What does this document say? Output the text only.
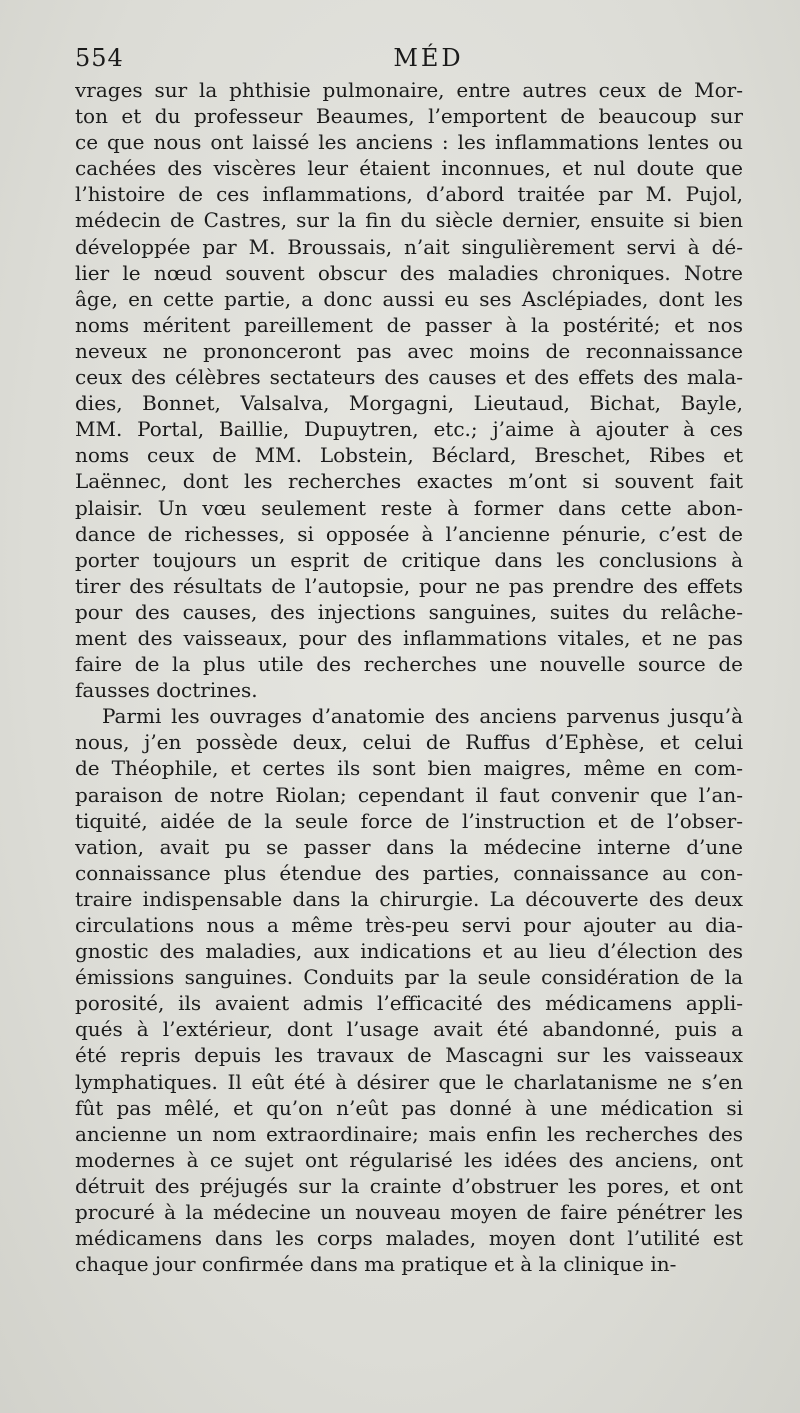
554	MÉD
vrages sur la phthisie pulmonaire, entre autres ceux de Mor-
ton et du professeur Beaumes, l’emportent de beaucoup sur
ce que nous ont laissé les anciens : les inflammations lentes ou
cachées des viscères leur étaient inconnues, et nul doute que
l’histoire de ces inflammations, d’abord traitée par M. Pujol,
médecin de Castres, sur la fin du siècle dernier, ensuite si bien
développée par M. Broussais, n’ait singulièrement servi à dé-
lier le nœud souvent obscur des maladies chroniques. Notre
âge, en cette partie, a donc aussi eu ses Asclépiades, dont les
noms méritent pareillement de passer à la postérité; et nos
neveux ne prononceront pas avec moins de reconnaissance
ceux des célèbres sectateurs des causes et des effets des mala-
dies, Bonnet, Valsalva, Morgagni, Lieutaud, Bichat, Bayle,
MM. Portal, Baillie, Dupuytren, etc.; j’aime à ajouter à ces
noms ceux de MM. Lobstein, Béclard, Breschet, Ribes et
Laënnec, dont les recherches exactes m’ont si souvent fait
plaisir. Un vœu seulement reste à former dans cette abon-
dance de richesses, si opposée à l’ancienne pénurie, c’est de
porter toujours un esprit de critique dans les conclusions à
tirer des résultats de l’autopsie, pour ne pas prendre des effets
pour des causes, des injections sanguines, suites du relâche-
ment des vaisseaux, pour des inflammations vitales, et ne pas
faire de la plus utile des recherches une nouvelle source de
fausses doctrines.
Parmi les ouvrages d’anatomie des anciens parvenus jusqu’à
nous, j’en possède deux, celui de Ruffus d’Ephèse, et celui
de Théophile, et certes ils sont bien maigres, même en com-
paraison de notre Riolan; cependant il faut convenir que l’an-
tiquité, aidée de la seule force de l’instruction et de l’obser-
vation, avait pu se passer dans la médecine interne d’une
connaissance plus étendue des parties, connaissance au con-
traire indispensable dans la chirurgie. La découverte des deux
circulations nous a même très-peu servi pour ajouter au dia-
gnostic des maladies, aux indications et au lieu d’élection des
émissions sanguines. Conduits par la seule considération de la
porosité, ils avaient admis l’efficacité des médicamens appli-
qués à l’extérieur, dont l’usage avait été abandonné, puis a
été repris depuis les travaux de Mascagni sur les vaisseaux
lymphatiques. Il eût été à désirer que le charlatanisme ne s’en
fût pas mêlé, et qu’on n’eût pas donné à une médication si
ancienne un nom extraordinaire; mais enfin les recherches des
modernes à ce sujet ont régularisé les idées des anciens, ont
détruit des préjugés sur la crainte d’obstruer les pores, et ont
procuré à la médecine un nouveau moyen de faire pénétrer les
médicamens dans les corps malades, moyen dont l’utilité est
chaque jour confirmée dans ma pratique et à la clinique in-
